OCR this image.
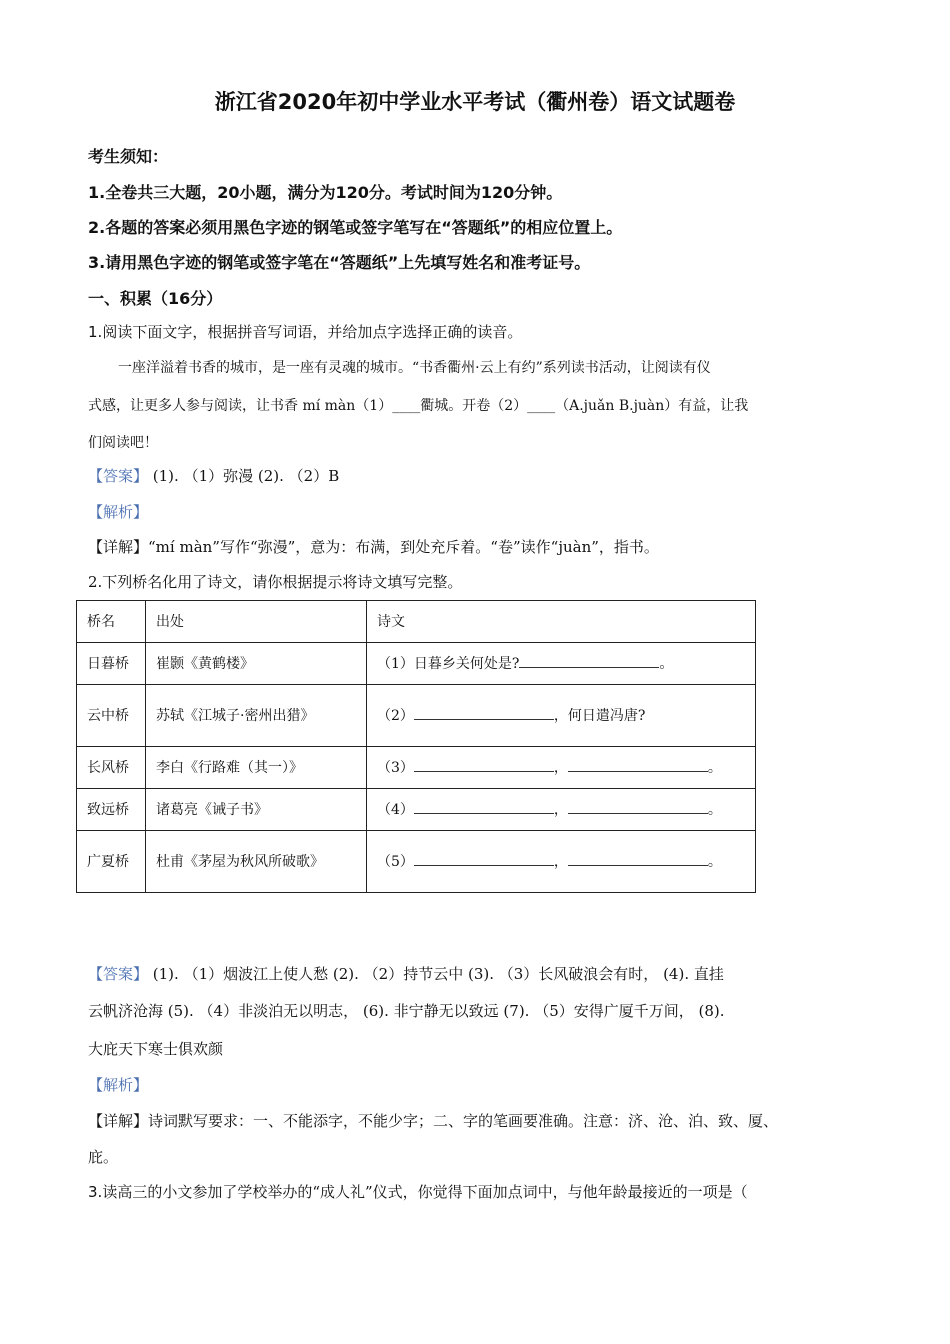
浙江省2020年初中学业水平考试（衢州卷）语文试题卷
考生须知：
1.全卷共三大题，20小题，满分为120分。考试时间为120分钟。
2.各题的答案必须用黑色字迹的钢笔或签字笔写在“答题纸”的相应位置上。
3.请用黑色字迹的钢笔或签字笔在“答题纸”上先填写姓名和准考证号。
一、积累（16分）
1.阅读下面文字，根据拼音写词语，并给加点字选择正确的读音。
一座洋溢着书香的城市，是一座有灵魂的城市。“书香衢州·云上有约”系列读书活动，让阅读有仪
式感，让更多人参与阅读，让书香 mí màn（1）____衢城。开卷（2）____（A.juǎn B.juàn）有益，让我
们阅读吧！
【答案】 (1). （1）弥漫 (2). （2）B
【解析】
【详解】“mí màn”写作“弥漫”，意为：布满，到处充斥着。“卷”读作“juàn”，指书。
2.下列桥名化用了诗文，请你根据提示将诗文填写完整。
桥名	出处	诗文
日暮桥	崔颢《黄鹤楼》	（1）日暮乡关何处是? 。
云中桥	苏轼《江城子·密州出猎》	（2） ，何日遣冯唐?
长风桥	李白《行路难（其一）》	（3） ， 。
致远桥	诸葛亮《诫子书》	（4） ， 。
广夏桥	杜甫《茅屋为秋风所破歌》	（5） ， 。
【答案】 (1). （1）烟波江上使人愁 (2). （2）持节云中 (3). （3）长风破浪会有时， (4). 直挂
云帆济沧海 (5). （4）非淡泊无以明志， (6). 非宁静无以致远 (7). （5）安得广厦千万间， (8).
大庇天下寒士俱欢颜
【解析】
【详解】诗词默写要求：一、不能添字，不能少字；二、字的笔画要准确。注意：济、沧、泊、致、厦、
庇。
3.读高三的小文参加了学校举办的“成人礼”仪式，你觉得下面加点词中，与他年龄最接近的一项是（
